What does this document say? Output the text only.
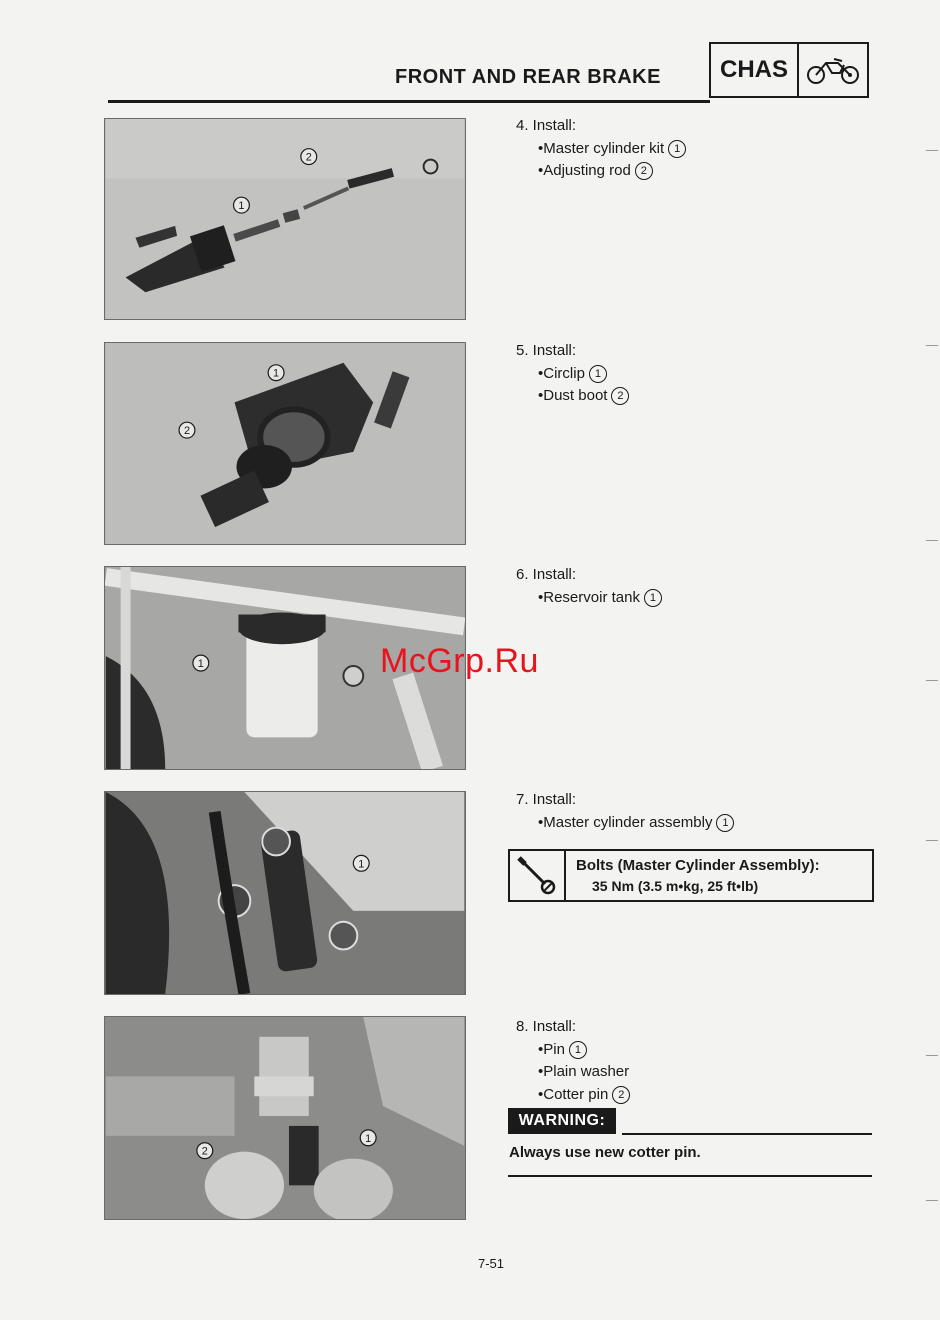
FRONT AND REAR BRAKE	CHAS
1
2
1
2
1
1
1
2
4. Install:
•Master cylinder kit 1
•Adjusting rod 2
5. Install:
•Circlip 1
•Dust boot 2
6. Install:
•Reservoir tank 1
7. Install:
•Master cylinder assembly 1
Bolts (Master Cylinder Assembly):
35 Nm (3.5 m•kg, 25 ft•lb)
8. Install:
•Pin 1
•Plain washer
•Cotter pin 2
WARNING:
Always use new cotter pin.
McGrp.Ru
7-51
